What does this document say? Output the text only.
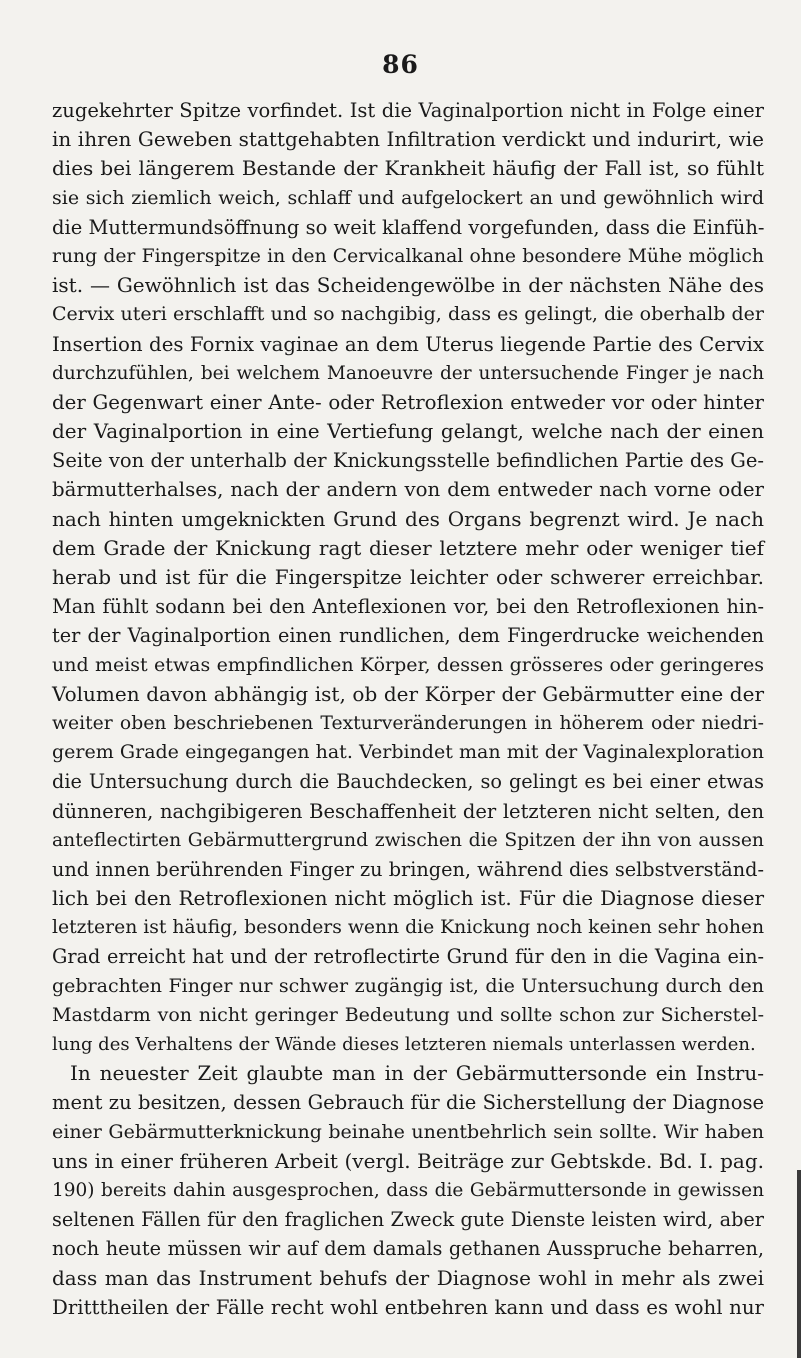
86
zugekehrter Spitze vorfindet. Ist die Vaginalportion nicht in Folge einer
in ihren Geweben stattgehabten Infiltration verdickt und indurirt, wie
dies bei längerem Bestande der Krankheit häufig der Fall ist, so fühlt
sie sich ziemlich weich, schlaff und aufgelockert an und gewöhnlich wird
die Muttermundsöffnung so weit klaffend vorgefunden, dass die Einfüh-
rung der Fingerspitze in den Cervicalkanal ohne besondere Mühe möglich
ist. — Gewöhnlich ist das Scheidengewölbe in der nächsten Nähe des
Cervix uteri erschlafft und so nachgibig, dass es gelingt, die oberhalb der
Insertion des Fornix vaginae an dem Uterus liegende Partie des Cervix
durchzufühlen, bei welchem Manoeuvre der untersuchende Finger je nach
der Gegenwart einer Ante- oder Retroflexion entweder vor oder hinter
der Vaginalportion in eine Vertiefung gelangt, welche nach der einen
Seite von der unterhalb der Knickungsstelle befindlichen Partie des Ge-
bärmutterhalses, nach der andern von dem entweder nach vorne oder
nach hinten umgeknickten Grund des Organs begrenzt wird. Je nach
dem Grade der Knickung ragt dieser letztere mehr oder weniger tief
herab und ist für die Fingerspitze leichter oder schwerer erreichbar.
Man fühlt sodann bei den Anteflexionen vor, bei den Retroflexionen hin-
ter der Vaginalportion einen rundlichen, dem Fingerdrucke weichenden
und meist etwas empfindlichen Körper, dessen grösseres oder geringeres
Volumen davon abhängig ist, ob der Körper der Gebärmutter eine der
weiter oben beschriebenen Texturveränderungen in höherem oder niedri-
gerem Grade eingegangen hat. Verbindet man mit der Vaginalexploration
die Untersuchung durch die Bauchdecken, so gelingt es bei einer etwas
dünneren, nachgibigeren Beschaffenheit der letzteren nicht selten, den
anteflectirten Gebärmuttergrund zwischen die Spitzen der ihn von aussen
und innen berührenden Finger zu bringen, während dies selbstverständ-
lich bei den Retroflexionen nicht möglich ist. Für die Diagnose dieser
letzteren ist häufig, besonders wenn die Knickung noch keinen sehr hohen
Grad erreicht hat und der retroflectirte Grund für den in die Vagina ein-
gebrachten Finger nur schwer zugängig ist, die Untersuchung durch den
Mastdarm von nicht geringer Bedeutung und sollte schon zur Sicherstel-
lung des Verhaltens der Wände dieses letzteren niemals unterlassen werden.
In neuester Zeit glaubte man in der Gebärmuttersonde ein Instru-
ment zu besitzen, dessen Gebrauch für die Sicherstellung der Diagnose
einer Gebärmutterknickung beinahe unentbehrlich sein sollte. Wir haben
uns in einer früheren Arbeit (vergl. Beiträge zur Gebtskde. Bd. I. pag.
190) bereits dahin ausgesprochen, dass die Gebärmuttersonde in gewissen
seltenen Fällen für den fraglichen Zweck gute Dienste leisten wird, aber
noch heute müssen wir auf dem damals gethanen Ausspruche beharren,
dass man das Instrument behufs der Diagnose wohl in mehr als zwei
Dritttheilen der Fälle recht wohl entbehren kann und dass es wohl nur
